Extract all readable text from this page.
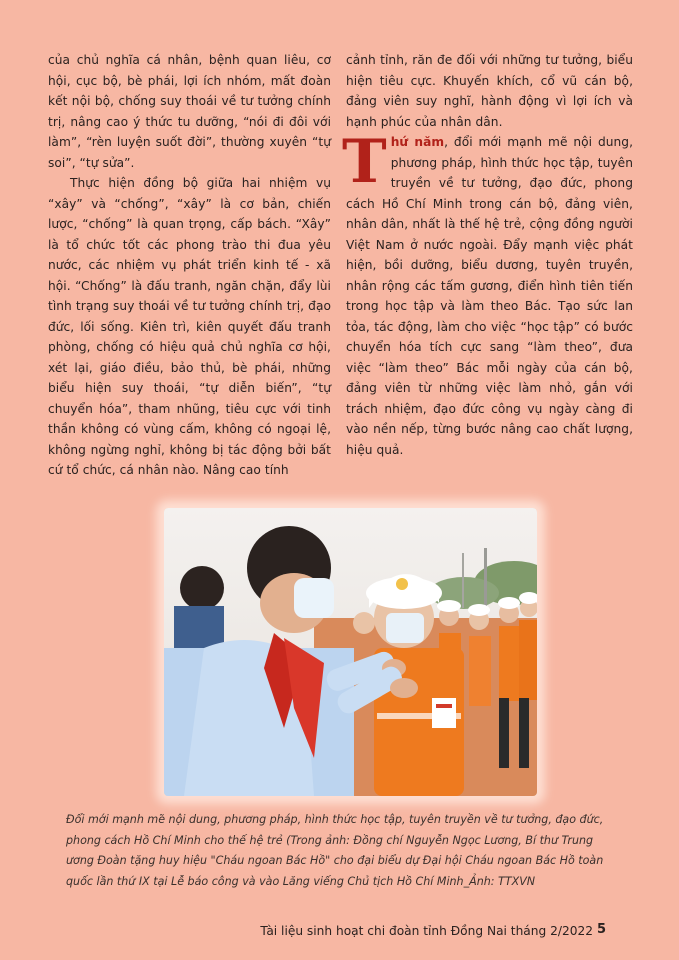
của chủ nghĩa cá nhân, bệnh quan liêu, cơ hội, cục bộ, bè phái, lợi ích nhóm, mất đoàn kết nội bộ, chống suy thoái về tư tưởng chính trị, nâng cao ý thức tu dưỡng, “nói đi đôi với làm”, “rèn luyện suốt đời”, thường xuyên “tự soi”, “tự sửa”.

Thực hiện đồng bộ giữa hai nhiệm vụ “xây” và “chống”, “xây” là cơ bản, chiến lược, “chống” là quan trọng, cấp bách. “Xây” là tổ chức tốt các phong trào thi đua yêu nước, các nhiệm vụ phát triển kinh tế - xã hội. “Chống” là đấu tranh, ngăn chặn, đẩy lùi tình trạng suy thoái về tư tưởng chính trị, đạo đức, lối sống. Kiên trì, kiên quyết đấu tranh phòng, chống có hiệu quả chủ nghĩa cơ hội, xét lại, giáo điều, bảo thủ, bè phái, những biểu hiện suy thoái, “tự diễn biến”, “tự chuyển hóa”, tham nhũng, tiêu cực với tinh thần không có vùng cấm, không có ngoại lệ, không ngừng nghỉ, không bị tác động bởi bất cứ tổ chức, cá nhân nào. Nâng cao tính

cảnh tỉnh, răn đe đối với những tư tưởng, biểu hiện tiêu cực. Khuyến khích, cổ vũ cán bộ, đảng viên suy nghĩ, hành động vì lợi ích và hạnh phúc của nhân dân.

Thứ năm, đổi mới mạnh mẽ nội dung, phương pháp, hình thức học tập, tuyên truyền về tư tưởng, đạo đức, phong cách Hồ Chí Minh trong cán bộ, đảng viên, nhân dân, nhất là thế hệ trẻ, cộng đồng người Việt Nam ở nước ngoài. Đẩy mạnh việc phát hiện, bồi dưỡng, biểu dương, tuyên truyền, nhân rộng các tấm gương, điển hình tiên tiến trong học tập và làm theo Bác. Tạo sức lan tỏa, tác động, làm cho việc “học tập” có bước chuyển hóa tích cực sang “làm theo”, đưa việc “làm theo” Bác mỗi ngày của cán bộ, đảng viên từ những việc làm nhỏ, gắn với trách nhiệm, đạo đức công vụ ngày càng đi vào nền nếp, từng bước nâng cao chất lượng, hiệu quả.

Đổi mới mạnh mẽ nội dung, phương pháp, hình thức học tập, tuyên truyền về tư tưởng, đạo đức, phong cách Hồ Chí Minh cho thế hệ trẻ (Trong ảnh: Đồng chí Nguyễn Ngọc Lương, Bí thư Trung ương Đoàn tặng huy hiệu "Cháu ngoan Bác Hồ" cho đại biểu dự Đại hội Cháu ngoan Bác Hồ toàn quốc lần thứ IX tại Lễ báo công và vào Lăng viếng Chủ tịch Hồ Chí Minh_Ảnh: TTXVN
Tài liệu sinh hoạt chi đoàn tỉnh Đồng Nai tháng 2/2022 5
